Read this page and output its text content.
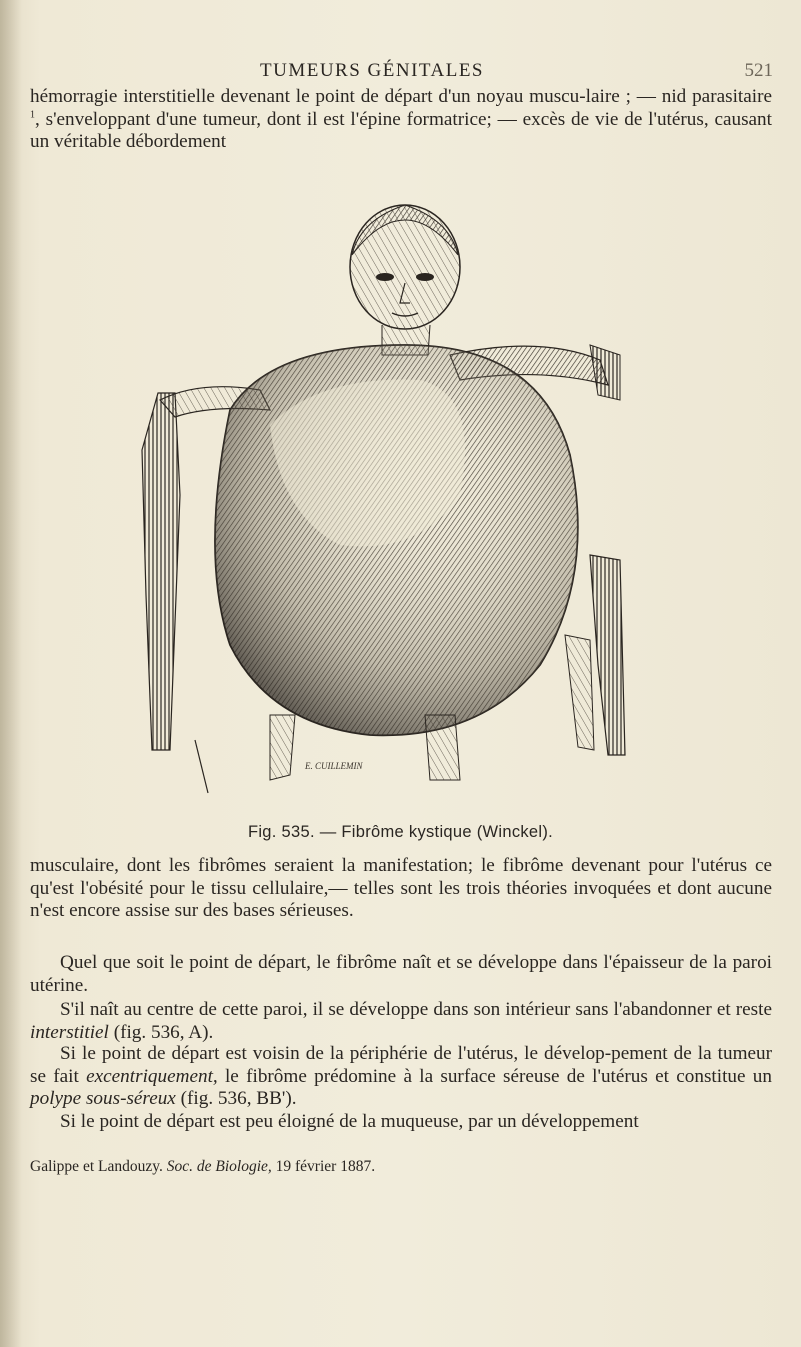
TUMEURS GÉNITALES	521

hémorragie interstitielle devenant le point de départ d'un noyau muscu-laire ; — nid parasitaire $^1$, s'enveloppant d'une tumeur, dont il est l'épine formatrice; — excès de vie de l'utérus, causant un véritable débordement

E. CUILLEMIN
Fig. 535. — Fibrôme kystique (Winckel).

musculaire, dont les fibrômes seraient la manifestation; le fibrôme devenant pour l'utérus ce qu'est l'obésité pour le tissu cellulaire,— telles sont les trois théories invoquées et dont aucune n'est encore assise sur des bases sérieuses.

Quel que soit le point de départ, le fibrôme naît et se développe dans l'épaisseur de la paroi utérine.

S'il naît au centre de cette paroi, il se développe dans son intérieur sans l'abandonner et reste interstitiel (fig. 536, A).

Si le point de départ est voisin de la périphérie de l'utérus, le dévelop-pement de la tumeur se fait excentriquement, le fibrôme prédomine à la surface séreuse de l'utérus et constitue un polype sous-séreux (fig. 536, BB').

Si le point de départ est peu éloigné de la muqueuse, par un développement

Galippe et Landouzy. Soc. de Biologie, 19 février 1887.
